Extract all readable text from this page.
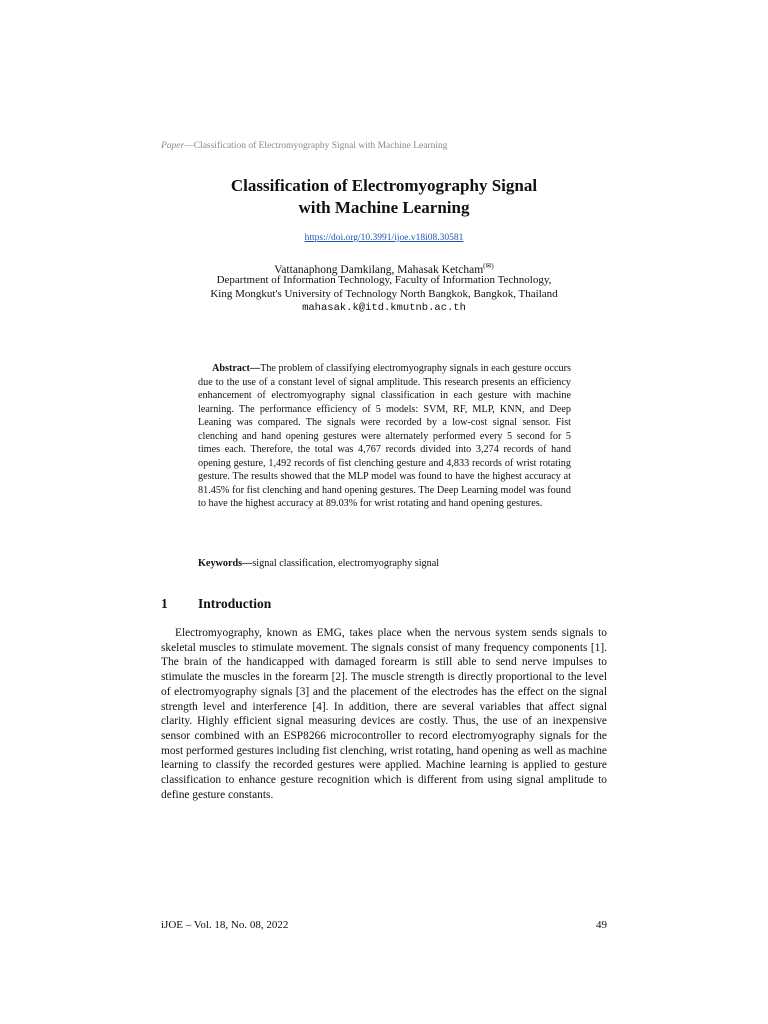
Paper—Classification of Electromyography Signal with Machine Learning
Classification of Electromyography Signal
with Machine Learning
https://doi.org/10.3991/ijoe.v18i08.30581
Vattanaphong Damkilang, Mahasak Ketcham(✉)
Department of Information Technology, Faculty of Information Technology,
King Mongkut's University of Technology North Bangkok, Bangkok, Thailand
mahasak.k@itd.kmutnb.ac.th

Abstract—The problem of classifying electromyography signals in each gesture occurs due to the use of a constant level of signal amplitude. This research presents an efficiency enhancement of electromyography signal classification in each gesture with machine learning. The performance efficiency of 5 models: SVM, RF, MLP, KNN, and Deep Leaning was compared. The signals were recorded by a low-cost signal sensor. Fist clenching and hand opening gestures were alternately performed every 5 second for 5 times each. Therefore, the total was 4,767 records divided into 3,274 records of hand opening gesture, 1,492 records of fist clenching gesture and 4,833 records of wrist rotating gesture. The results showed that the MLP model was found to have the highest accuracy at 81.45% for fist clenching and hand opening gestures. The Deep Learning model was found to have the highest accuracy at 89.03% for wrist rotating and hand opening gestures.

Keywords—signal classification, electromyography signal

1 Introduction

Electromyography, known as EMG, takes place when the nervous system sends signals to skeletal muscles to stimulate movement. The signals consist of many frequency components [1]. The brain of the handicapped with damaged forearm is still able to send nerve impulses to stimulate the muscles in the forearm [2]. The muscle strength is directly proportional to the level of electromyography signals [3] and the placement of the electrodes has the effect on the signal strength level and interference [4]. In addition, there are several variables that affect signal clarity. Highly efficient signal measuring devices are costly. Thus, the use of an inexpensive sensor combined with an ESP8266 microcontroller to record electromyography signals for the most performed gestures including fist clenching, wrist rotating, hand opening as well as machine learning to classify the recorded gestures were applied. Machine learning is applied to gesture classification to enhance gesture recognition which is different from using signal amplitude to define gesture constants.

iJOE – Vol. 18, No. 08, 2022	49
